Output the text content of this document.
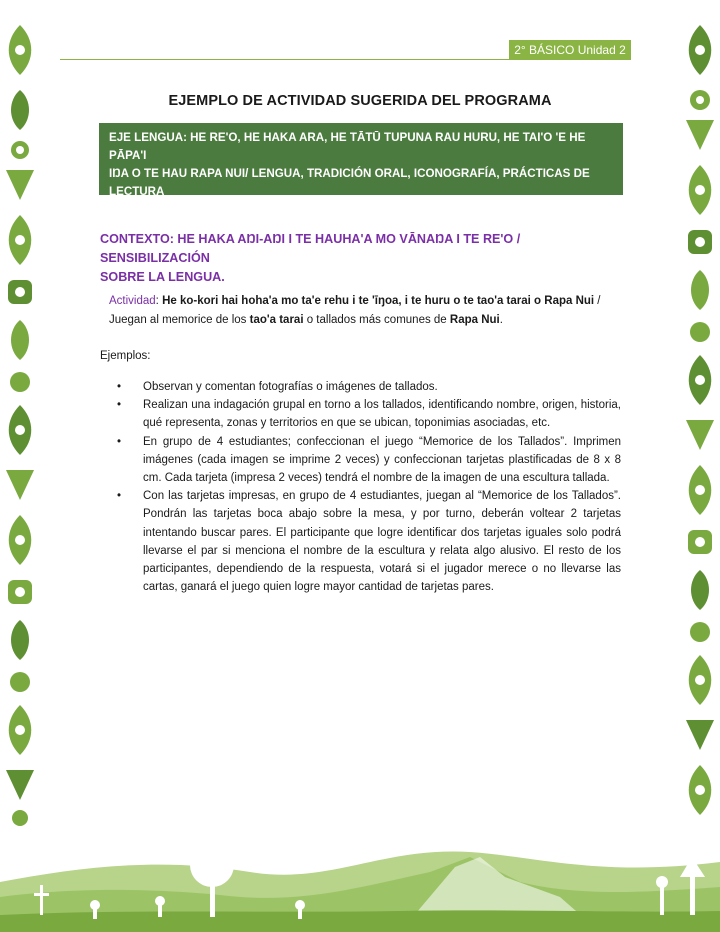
2° BÁSICO Unidad 2
EJEMPLO DE ACTIVIDAD SUGERIDA DEL PROGRAMA
EJE LENGUA: HE RE'O, HE HAKA ARA, HE TĀTŪ TUPUNA RAU HURU, HE TAI'O 'E HE PĀPA'I
IŊA O TE HAU RAPA NUI/ LENGUA, TRADICIÓN ORAL, ICONOGRAFÍA, PRÁCTICAS DE LECTURA
Y ESCRITURA DE LOS PUEBLOS ORIGINARIOS.
CONTEXTO: HE HAKA AŊI-AŊI I TE HAUHA'A MO VĀNAŊA I TE RE'O / SENSIBILIZACIÓN
SOBRE LA LENGUA.
Actividad: He ko-kori hai hoha'a mo ta'e rehu i te 'īŋoa, i te huru o te tao'a tarai o Rapa Nui / Juegan al memorice de los tao'a tarai o tallados más comunes de Rapa Nui.
Ejemplos:
• Observan y comentan fotografías o imágenes de tallados.
• Realizan una indagación grupal en torno a los tallados, identificando nombre, origen, historia, qué representa, zonas y territorios en que se ubican, toponimias asociadas, etc.
• En grupo de 4 estudiantes; confeccionan el juego “Memorice de los Tallados”. Imprimen imágenes (cada imagen se imprime 2 veces) y confeccionan tarjetas plastificadas de 8 x 8 cm. Cada tarjeta (impresa 2 veces) tendrá el nombre de la imagen de una escultura tallada.
• Con las tarjetas impresas, en grupo de 4 estudiantes, juegan al “Memorice de los Tallados”. Pondrán las tarjetas boca abajo sobre la mesa, y por turno, deberán voltear 2 tarjetas intentando buscar pares. El participante que logre identificar dos tarjetas iguales solo podrá llevarse el par si menciona el nombre de la escultura y relata algo alusivo. El resto de los participantes, dependiendo de la respuesta, votará si el jugador merece o no llevarse las cartas, ganará el juego quien logre mayor cantidad de tarjetas pares.
